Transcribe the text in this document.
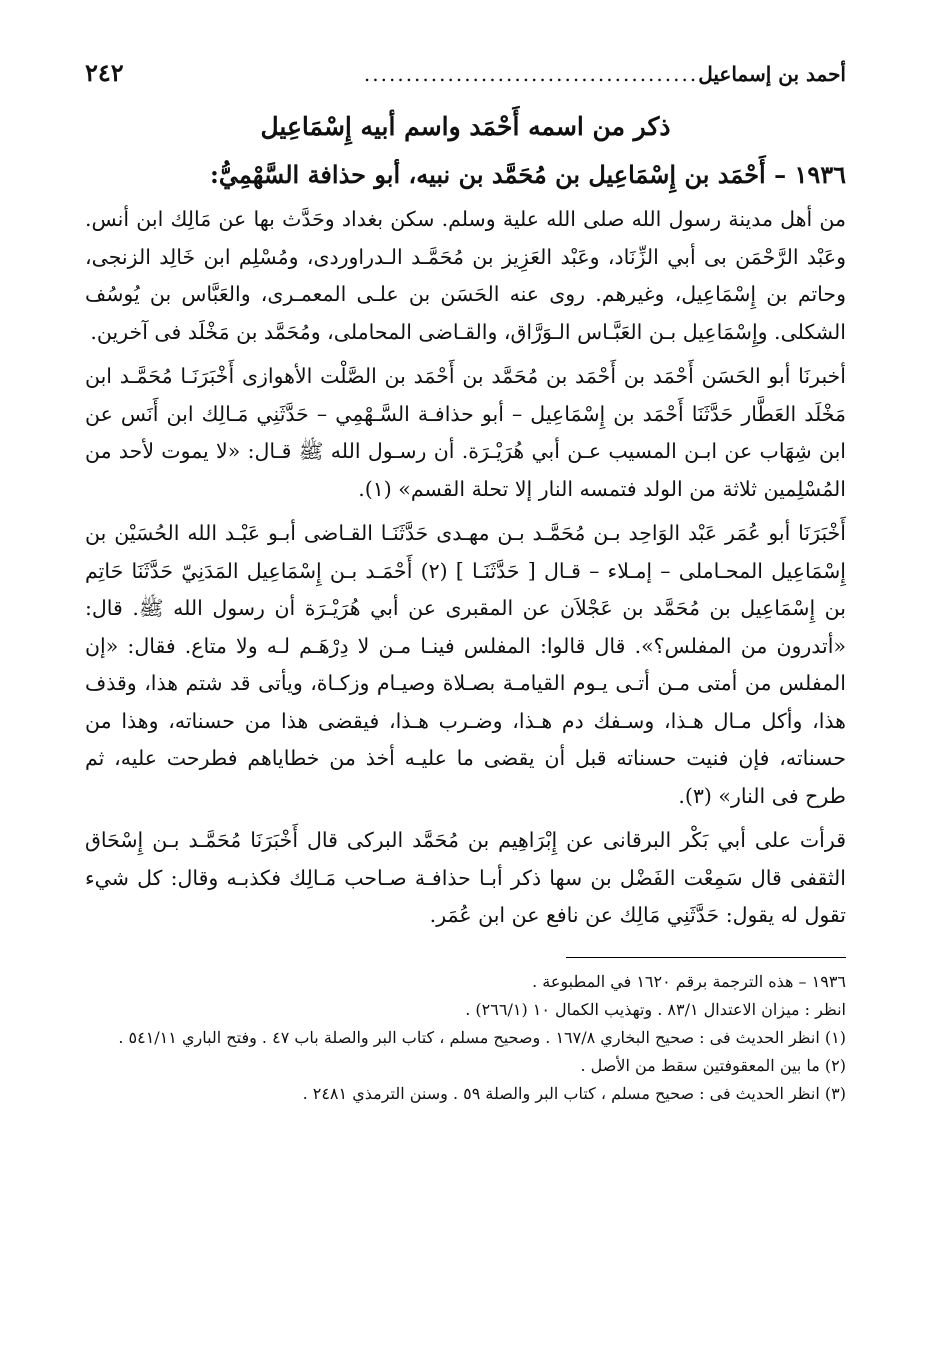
أحمد بن إسماعيل
........................................
٢٤٢
ذكر من اسمه أَحْمَد واسم أبيه إِسْمَاعِيل
١٩٣٦ – أَحْمَد بن إِسْمَاعِيل بن مُحَمَّد بن نبيه، أبو حذافة السَّهْمِيُّ:

من أهل مدينة رسول الله صلى الله علية وسلم. سكن بغداد وحَدَّث بها عن مَالِك ابن أنس. وعَبْد الرَّحْمَن بى أبي الزِّنَاد، وعَبْد العَزِيز بن مُحَمَّـد الـدراوردى، ومُسْلِم ابن خَالِد الزنجى، وحاتم بن إِسْمَاعِيل، وغيرهم. روى عنه الحَسَن بن علـى المعمـرى، والعَبَّاس بن يُوسُف الشكلى. وإِسْمَاعِيل بـن العَبَّـاس الـوَرَّاق، والقـاضى المحاملى، ومُحَمَّد بن مَخْلَد فى آخرين.

أخبرنَا أبو الحَسَن أَحْمَد بن أَحْمَد بن مُحَمَّد بن أَحْمَد بن الصَّلْت الأهوازى أَخْبَرَنَـا مُحَمَّـد ابن مَخْلَد العَطَّار حَدَّثَنَا أَحْمَد بن إِسْمَاعِيل – أبو حذافـة السَّـهْمِي – حَدَّثَنِي مَـالِك ابن أَنَس عن ابن شِهَاب عن ابـن المسيب عـن أبي هُرَيْـرَة. أن رسـول الله ﷺ قـال: «لا يموت لأحد من المُسْلِمين ثلاثة من الولد فتمسه النار إلا تحلة القسم» (١).

أَخْبَرَنَا أبو عُمَر عَبْد الوَاحِد بـن مُحَمَّـد بـن مهـدى حَدَّثَنَـا القـاضى أبـو عَبْـد الله الحُسَيْن بن إِسْمَاعِيل المحـاملى – إمـلاء – قـال [ حَدَّثَنَـا ] (٢) أَحْمَـد بـن إِسْمَاعِيل المَدَنِيّ حَدَّثَنَا حَاتِم بن إِسْمَاعِيل بن مُحَمَّد بن عَجْلاَن عن المقبرى عن أبي هُرَيْـرَة أن رسول الله ﷺ. قال: «أتدرون من المفلس؟». قال قالوا: المفلس فينـا مـن لا دِرْهَـم لـه ولا متاع. فقال: «إن المفلس من أمتى مـن أتـى يـوم القيامـة بصـلاة وصيـام وزكـاة، ويأتى قد شتم هذا، وقذف هذا، وأكل مـال هـذا، وسـفك دم هـذا، وضـرب هـذا، فيقضى هذا من حسناته، وهذا من حسناته، فإن فنيت حسناته قبل أن يقضى ما عليـه أخذ من خطاياهم فطرحت عليه، ثم طرح فى النار» (٣).

قرأت على أبي بَكْر البرقانى عن إِبْرَاهِيم بن مُحَمَّد البركى قال أَخْبَرَنَا مُحَمَّـد بـن إِسْحَاق الثقفى قال سَمِعْت الفَضْل بن سها ذكر أبـا حذافـة صـاحب مَـالِك فكذبـه وقال: كل شيء تقول له يقول: حَدَّثَنِي مَالِك عن نافع عن ابن عُمَر.

١٩٣٦ – هذه الترجمة برقم ١٦٢٠ في المطبوعة .

انظر : ميزان الاعتدال ٨٣/١ . وتهذيب الكمال ١٠ (٢٦٦/١) .

(١) انظر الحديث فى : صحيح البخاري ١٦٧/٨ . وصحيح مسلم ، كتاب البر والصلة باب ٤٧ . وفتح الباري ٥٤١/١١ .

(٢) ما بين المعقوفتين سقط من الأصل .

(٣) انظر الحديث فى : صحيح مسلم ، كتاب البر والصلة ٥٩ . وسنن الترمذي ٢٤٨١ .
